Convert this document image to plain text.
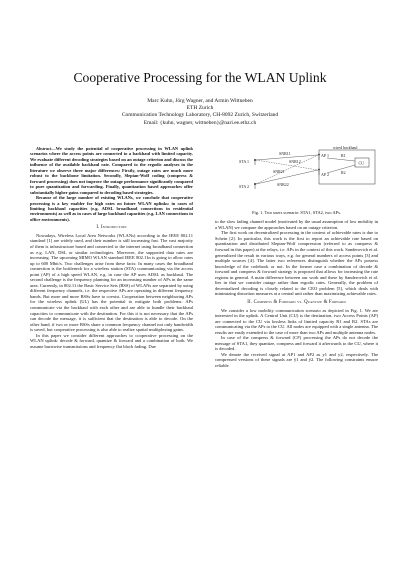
Cooperative Processing for the WLAN Uplink
Marc Kuhn, Jörg Wagner, and Armin Wittneben
ETH Zurich
Communication Technology Laboratory, CH-8092 Zurich, Switzerland
Email: {kuhn, wagner, wittneben}@nari.ee.ethz.ch

Abstract—We study the potential of cooperative processing in WLAN uplink scenarios where the access points are connected to a backhaul with limited capacity. We evaluate different decoding strategies based on an outage criterion and discuss the influence of the available backhaul rate. Compared to the ergodic analyses in the literature we observe three major differences: Firstly, outage rates are much more robust to the backbone limitation. Secondly, Slepian-Wolf coding (compress & forward processing) does not improve the outage performance significantly compared to pure quantization and forwarding. Finally, quantization based approaches offer substantially higher gains compared to decoding based strategies.

Because of the large number of existing WLANs, we conclude that cooperative processing is a key enabler for high rates on future WLAN uplinks: in cases of limiting backhaul capacities (e.g. ADSL broadband connections in residential environments) as well as in cases of large backhaul capacities (e.g. LAN connections in office environments).

I. Introduction

Nowadays, Wireless Local Area Networks (WLANs) according to the IEEE 802.11 standard [1] are widely used, and their number is still increasing fast. The vast majority of them is infrastructure based and connected to the internet using broadband connection as e.g. LAN, DSL or similar technologies. Moreover, the supported data rates are increasing. The upcoming MIMO WLAN standard IEEE 802.11n is going to allow rates up to 600 Mbit/s. Two challenges arise from these facts: In many cases the broadband connection is the bottleneck for a wireless station (STA) communicating via the access point (AP) of a high speed WLAN, e.g. in case the AP uses ADSL as backhaul. The second challenge is the frequency planning for an increasing number of APs in the same area. Currently, in 802.11 the Basic Service Sets (BSS) of WLANs are separated by using different frequency channels, i.e. the respective APs are operating in different frequency bands. But more and more BSSs have to coexist. Cooperation between neighboring APs for the wireless uplink (UL) has the potential to mitigate both problems: APs communicate via the backhaul with each other and are able to bundle their backhaul capacities to communicate with the destination. For this it is not necessary that the APs can decode the message, it is sufficient that the destination is able to decode. On the other hand, if two or more BSSs share a common frequency channel not only bandwidth is saved, but cooperative processing is also able to realize spatial multiplexing gains.

In this paper we consider different approaches to cooperative processing on the WLAN uplink: decode & forward, quantize & forward and a combination of both. We assume burstwise transmissions and frequency flat block fading. Due

wired backhaul
CU
AP 1	R1
AP 2	R2
STA 1
STA 2
SNR11
SNR12
SNR21
SNR22
Fig. 1. Two users scenario: STA1, STA2, two APs.

to the slow fading channel model (motivated by the usual assumption of low mobility in a WLAN) we compare the approaches based on an outage criterion.

The first work on decentralized processing in the context of achievable rates is due to Schein [2]. In particular, this work is the first to report an achievable rate based on quantization and distributed Slepian-Wolf compression (referred to as compress & forward in this paper) at the relays, i.e. APs in the context of this work. Sanderovich et al. generalized the result in various ways, e.g. for general numbers of access points [3] and multiple sources [4]. The latter two references distinguish whether the APs possess knowledge of the codebook or not. In the former case a combination of decode & forward and compress & forward strategy is proposed that allows for increasing the rate regions in general. A main difference between our work and these by Sanderovich et al. lies in that we consider outage rather than ergodic rates. Generally, the problem of decentralized decoding is closely related to the CEO problem [5], which deals with minimizing distortion measures at a central unit rather than maximizing achievable rates.

II. Compress & Forward vs. Quantize & Forward

We consider a low mobility communication scenario as depicted in Fig. 1. We are interested in the uplink. A Central Unit (CU) is the destination, two Access Points (AP) are connected to the CU via lossless links of limited capacity R1 and R2. STAs are communicating via the APs to the CU. All nodes are equipped with a single antenna. The results are easily extended to the case of more than two APs and multiple antenna nodes.

In case of the compress & forward (CF) processing the APs do not decode the message of STA1, they quantize, compress and forward it afterwards to the CU, where it is decoded.

We denote the received signal at AP1 and AP2 as y1 and y2, respectively. The compressed versions of these signals are ŷ1 and ŷ2. The following constraints ensure reliable
